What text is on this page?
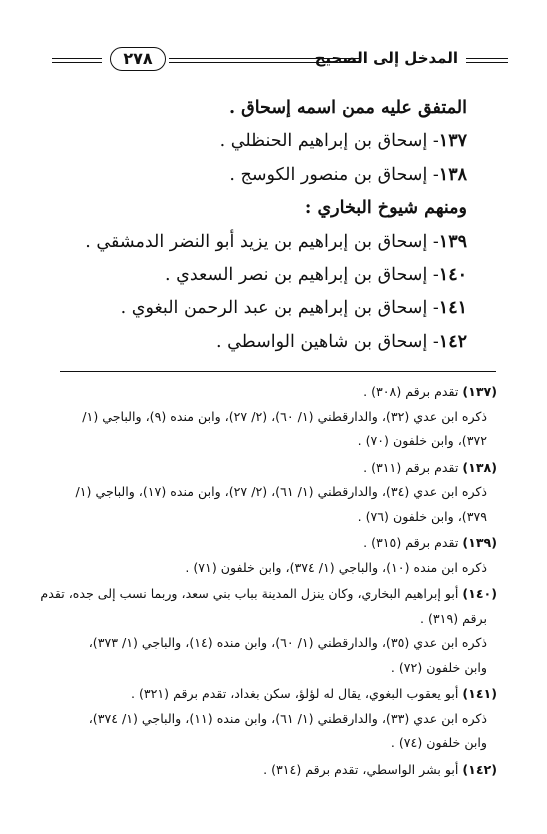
المدخل إلى الصحيح
٢٧٨
المتفق عليه ممن اسمه إسحاق .
١٣٧- إسحاق بن إبراهيم الحنظلي .
١٣٨- إسحاق بن منصور الكوسج .
ومنهم شيوخ البخاري :
١٣٩- إسحاق بن إبراهيم بن يزيد أبو النضر الدمشقي .
١٤٠- إسحاق بن إبراهيم بن نصر السعدي .
١٤١- إسحاق بن إبراهيم بن عبد الرحمن البغوي .
١٤٢- إسحاق بن شاهين الواسطي .
(١٣٧) تقدم برقم (٣٠٨) .
ذكره ابن عدي (٣٢)، والدارقطني (١/ ٦٠)، (٢/ ٢٧)، وابن منده (٩)، والباجي (١/
٣٧٢)، وابن خلفون (٧٠) .
(١٣٨) تقدم برقم (٣١١) .
ذكره ابن عدي (٣٤)، والدارقطني (١/ ٦١)، (٢/ ٢٧)، وابن منده (١٧)، والباجي (١/
٣٧٩)، وابن خلفون (٧٦) .
(١٣٩) تقدم برقم (٣١٥) .
ذكره ابن منده (١٠)، والباجي (١/ ٣٧٤)، وابن خلفون (٧١) .
(١٤٠) أبو إبراهيم البخاري، وكان ينزل المدينة بباب بني سعد، وربما نسب إلى جده، تقدم
برقم (٣١٩) .
ذكره ابن عدي (٣٥)، والدارقطني (١/ ٦٠)، وابن منده (١٤)، والباجي (١/ ٣٧٣)،
وابن خلفون (٧٢) .
(١٤١) أبو يعقوب البغوي، يقال له لؤلؤ، سكن بغداد، تقدم برقم (٣٢١) .
ذكره ابن عدي (٣٣)، والدارقطني (١/ ٦١)، وابن منده (١١)، والباجي (١/ ٣٧٤)،
وابن خلفون (٧٤) .
(١٤٢) أبو بشر الواسطي، تقدم برقم (٣١٤) .
